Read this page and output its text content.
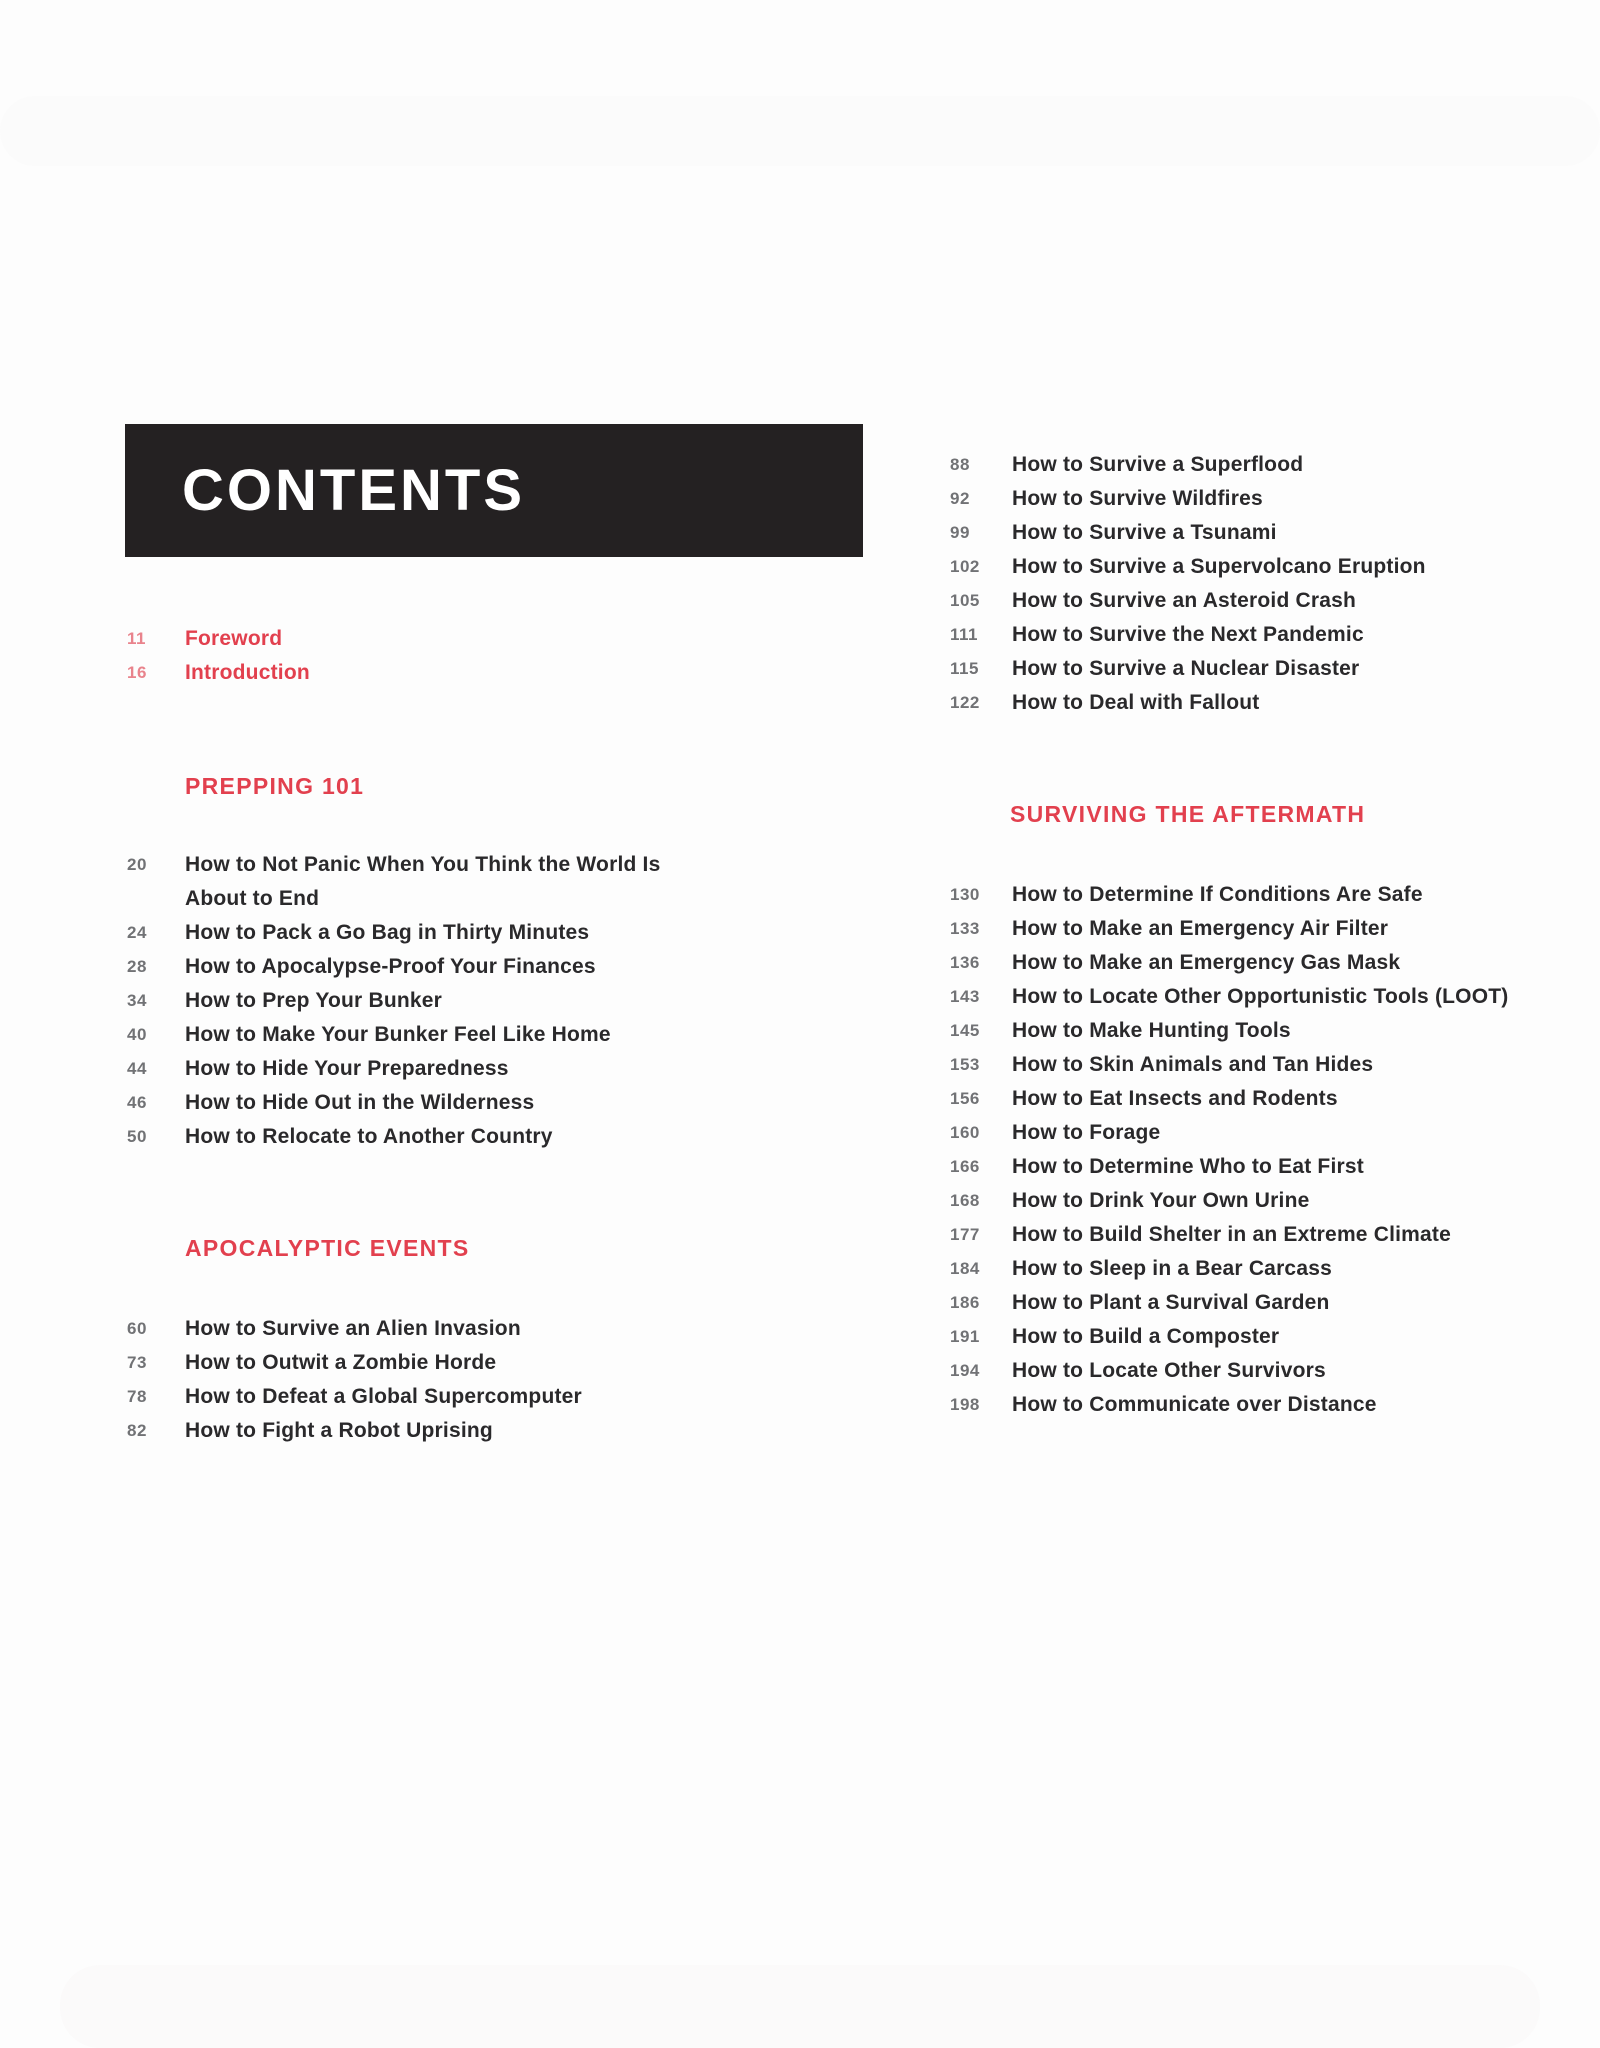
CONTENTS
11	Foreword
16	Introduction
PREPPING 101
20	How to Not Panic When You Think the World Is About to End
24	How to Pack a Go Bag in Thirty Minutes
28	How to Apocalypse-Proof Your Finances
34	How to Prep Your Bunker
40	How to Make Your Bunker Feel Like Home
44	How to Hide Your Preparedness
46	How to Hide Out in the Wilderness
50	How to Relocate to Another Country
APOCALYPTIC EVENTS
60	How to Survive an Alien Invasion
73	How to Outwit a Zombie Horde
78	How to Defeat a Global Supercomputer
82	How to Fight a Robot Uprising
88	How to Survive a Superflood
92	How to Survive Wildfires
99	How to Survive a Tsunami
102	How to Survive a Supervolcano Eruption
105	How to Survive an Asteroid Crash
111	How to Survive the Next Pandemic
115	How to Survive a Nuclear Disaster
122	How to Deal with Fallout
SURVIVING THE AFTERMATH
130	How to Determine If Conditions Are Safe
133	How to Make an Emergency Air Filter
136	How to Make an Emergency Gas Mask
143	How to Locate Other Opportunistic Tools (LOOT)
145	How to Make Hunting Tools
153	How to Skin Animals and Tan Hides
156	How to Eat Insects and Rodents
160	How to Forage
166	How to Determine Who to Eat First
168	How to Drink Your Own Urine
177	How to Build Shelter in an Extreme Climate
184	How to Sleep in a Bear Carcass
186	How to Plant a Survival Garden
191	How to Build a Composter
194	How to Locate Other Survivors
198	How to Communicate over Distance
